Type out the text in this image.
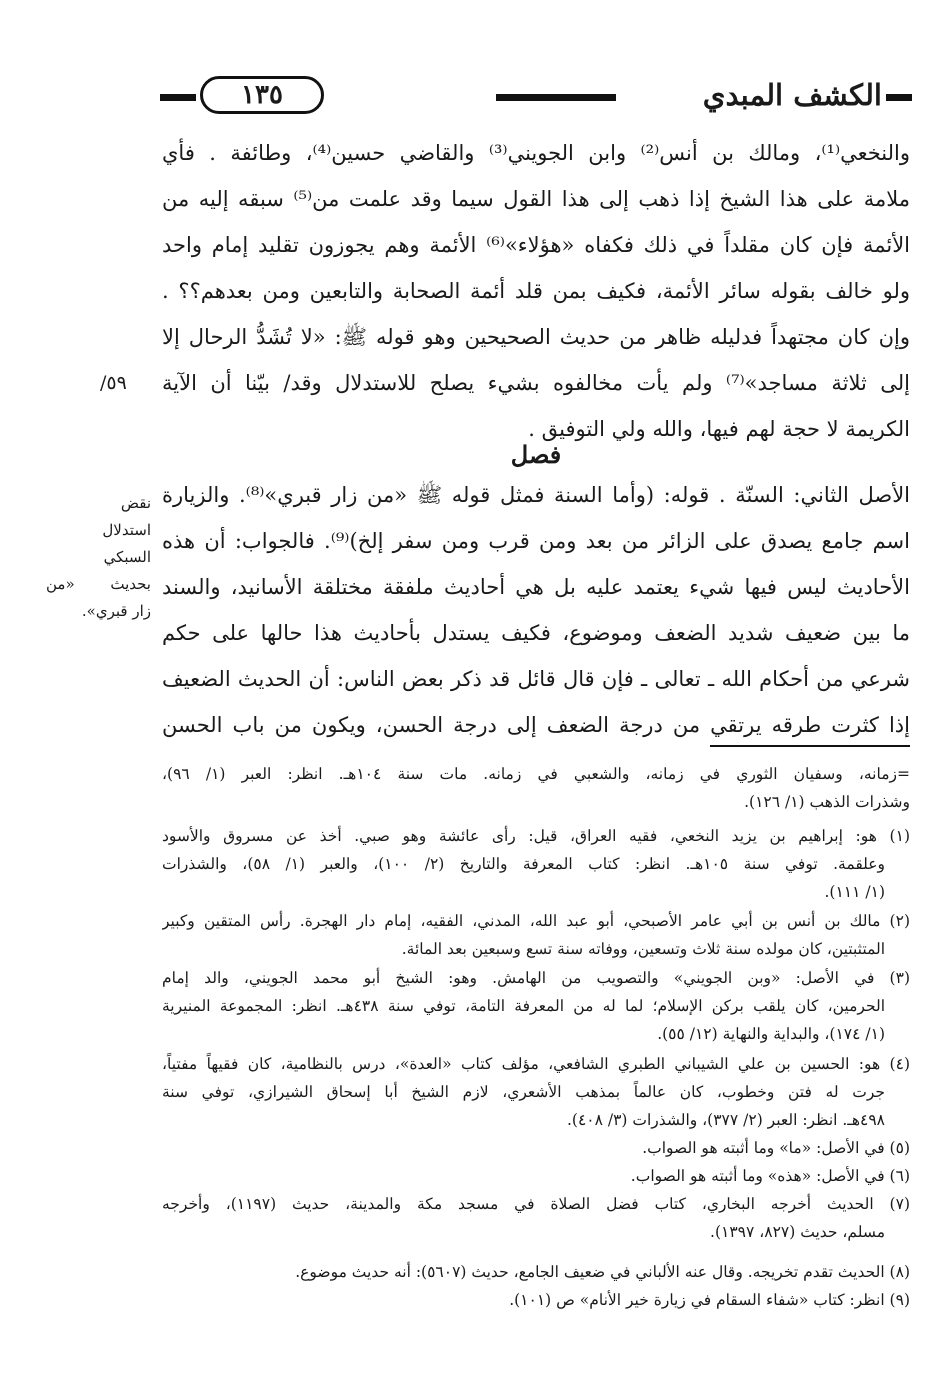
الكشف المبدي
١٣٥
والنخعي⁽¹⁾، ومالك بن أنس⁽²⁾ وابن الجويني⁽³⁾ والقاضي حسين⁽⁴⁾، وطائفة . فأي
ملامة على هذا الشيخ إذا ذهب إلى هذا القول سيما وقد علمت من⁽⁵⁾ سبقه إليه من
الأئمة فإن كان مقلداً في ذلك فكفاه «هؤلاء»⁽⁶⁾ الأئمة وهم يجوزون تقليد إمام واحد
ولو خالف بقوله سائر الأئمة، فكيف بمن قلد أئمة الصحابة والتابعين ومن بعدهم؟؟ .
وإن كان مجتهداً فدليله ظاهر من حديث الصحيحين وهو قوله ﷺ: «لا تُشَدُّ الرحال إلا
إلى ثلاثة مساجد»⁽⁷⁾ ولم يأت مخالفوه بشيء يصلح للاستدلال وقد/ بيّنا أن الآية
الكريمة لا حجة لهم فيها، والله ولي التوفيق .
٥٩/
فصل
الأصل الثاني: السنّة . قوله: (وأما السنة فمثل قوله ﷺ «من زار قبري»⁽⁸⁾. والزيارة
اسم جامع يصدق على الزائر من بعد ومن قرب ومن سفر إلخ)⁽⁹⁾. فالجواب: أن هذه
الأحاديث ليس فيها شيء يعتمد عليه بل هي أحاديث ملفقة مختلقة الأسانيد، والسند
ما بين ضعيف شديد الضعف وموضوع، فكيف يستدل بأحاديث هذا حالها على حكم
شرعي من أحكام الله ـ تعالى ـ فإن قال قائل قد ذكر بعض الناس: أن الحديث الضعيف
إذا كثرت طرقه يرتقي من درجة الضعف إلى درجة الحسن، ويكون من باب الحسن
نقض
استدلال
السبكي
بحديث «من
زار قبري».
=زمانه، وسفيان الثوري في زمانه، والشعبي في زمانه. مات سنة ١٠٤هـ. انظر: العبر (١/ ٩٦)،
وشذرات الذهب (١/ ١٢٦).
(١) هو: إبراهيم بن يزيد النخعي، فقيه العراق، قيل: رأى عائشة وهو صبي. أخذ عن مسروق والأسود
وعلقمة. توفي سنة ١٠٥هـ. انظر: كتاب المعرفة والتاريخ (٢/ ١٠٠)، والعبر (١/ ٥٨)، والشذرات
(١/ ١١١).
(٢) مالك بن أنس بن أبي عامر الأصبحي، أبو عبد الله، المدني، الفقيه، إمام دار الهجرة. رأس المتقين وكبير
المتثبتين، كان مولده سنة ثلاث وتسعين، ووفاته سنة تسع وسبعين بعد المائة.
(٣) في الأصل: «وبن الجويني» والتصويب من الهامش. وهو: الشيخ أبو محمد الجويني، والد إمام
الحرمين، كان يلقب بركن الإسلام؛ لما له من المعرفة التامة، توفي سنة ٤٣٨هـ. انظر: المجموعة المنيرية
(١/ ١٧٤)، والبداية والنهاية (١٢/ ٥٥).
(٤) هو: الحسين بن علي الشيباني الطبري الشافعي، مؤلف كتاب «العدة»، درس بالنظامية، كان فقيهاً مفتياً،
جرت له فتن وخطوب، كان عالماً بمذهب الأشعري، لازم الشيخ أبا إسحاق الشيرازي، توفي سنة
٤٩٨هـ. انظر: العبر (٢/ ٣٧٧)، والشذرات (٣/ ٤٠٨).
(٥) في الأصل: «ما» وما أثبته هو الصواب.
(٦) في الأصل: «هذه» وما أثبته هو الصواب.
(٧) الحديث أخرجه البخاري، كتاب فضل الصلاة في مسجد مكة والمدينة، حديث (١١٩٧)، وأخرجه
مسلم، حديث (٨٢٧، ١٣٩٧).
(٨) الحديث تقدم تخريجه. وقال عنه الألباني في ضعيف الجامع، حديث (٥٦٠٧): أنه حديث موضوع.
(٩) انظر: كتاب «شفاء السقام في زيارة خير الأنام» ص (١٠١).
